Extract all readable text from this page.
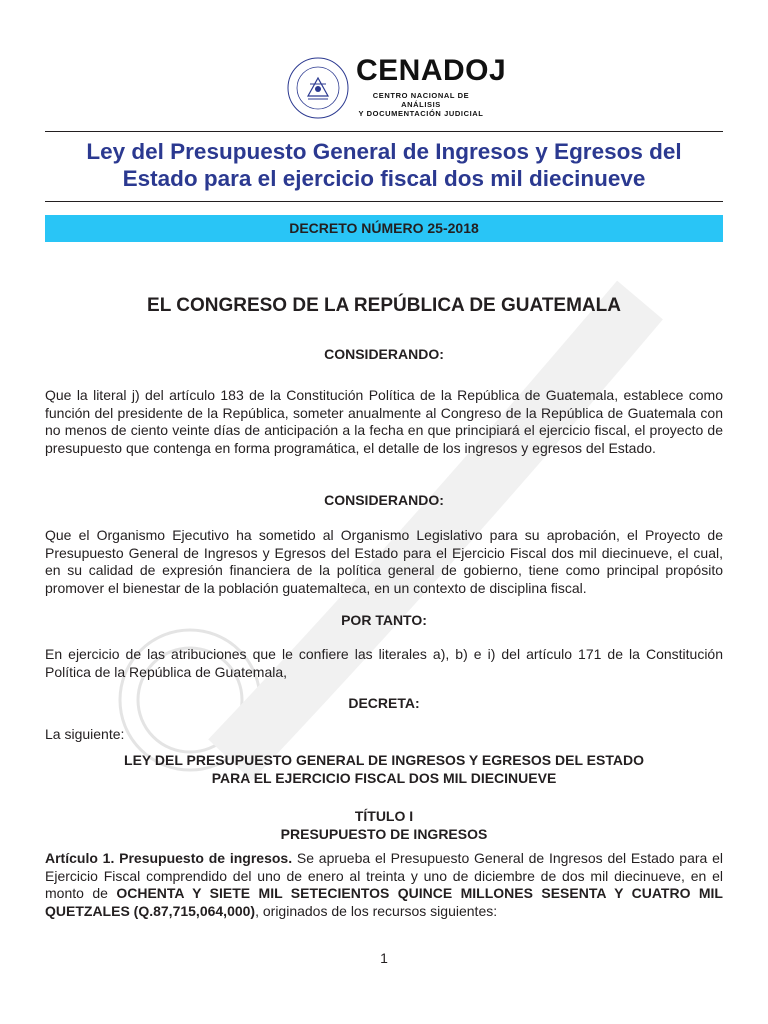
CENADOJ
CENTRO NACIONAL DE ANÁLISIS
Y DOCUMENTACIÓN JUDICIAL
Ley del Presupuesto General de Ingresos y Egresos del
Estado para el ejercicio fiscal dos mil diecinueve
DECRETO NÚMERO 25-2018
EL CONGRESO DE LA REPÚBLICA DE GUATEMALA
CONSIDERANDO:
Que la literal j) del artículo 183 de la Constitución Política de la República de Guatemala, establece como función del presidente de la República, someter anualmente al Congreso de la República de Guatemala con no menos de ciento veinte días de anticipación a la fecha en que principiará el ejercicio fiscal, el proyecto de presupuesto que contenga en forma programática, el detalle de los ingresos y egresos del Estado.
CONSIDERANDO:
Que el Organismo Ejecutivo ha sometido al Organismo Legislativo para su aprobación, el Proyecto de Presupuesto General de Ingresos y Egresos del Estado para el Ejercicio Fiscal dos mil diecinueve, el cual, en su calidad de expresión financiera de la política general de gobierno, tiene como principal propósito promover el bienestar de la población guatemalteca, en un contexto de disciplina fiscal.
POR TANTO:
En ejercicio de las atribuciones que le confiere las literales a), b) e i) del artículo 171 de la Constitución Política de la República de Guatemala,
DECRETA:
La siguiente:
LEY DEL PRESUPUESTO GENERAL DE INGRESOS Y EGRESOS DEL ESTADO
PARA EL EJERCICIO FISCAL DOS MIL DIECINUEVE
TÍTULO I
PRESUPUESTO DE INGRESOS
Artículo 1. Presupuesto de ingresos. Se aprueba el Presupuesto General de Ingresos del Estado para el Ejercicio Fiscal comprendido del uno de enero al treinta y uno de diciembre de dos mil diecinueve, en el monto de OCHENTA Y SIETE MIL SETECIENTOS QUINCE MILLONES SESENTA Y CUATRO MIL QUETZALES (Q.87,715,064,000), originados de los recursos siguientes:
1
